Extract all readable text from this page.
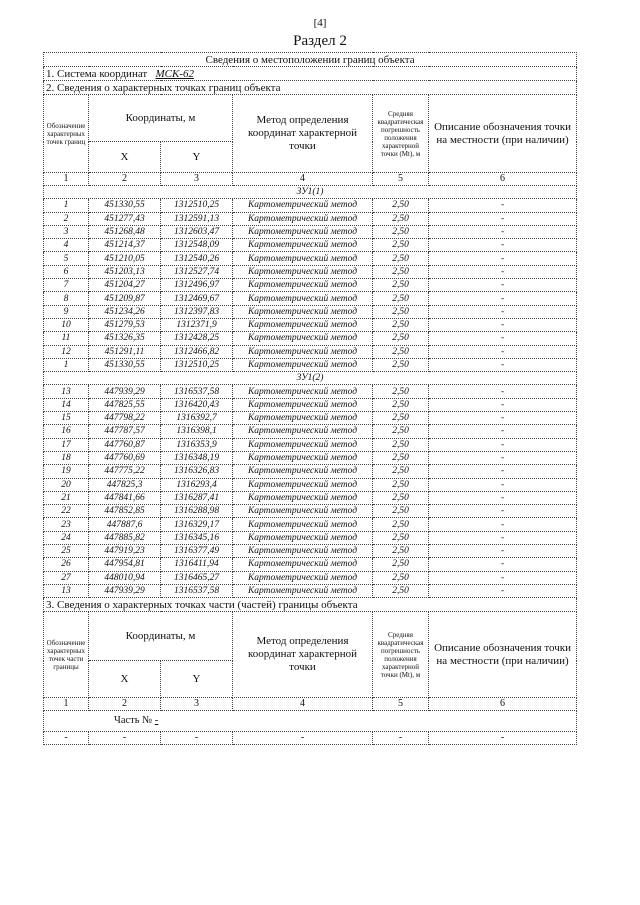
[4]
Раздел 2
Сведения о местоположении границ объекта					
1. Система координат МСК-62					
2. Сведения о характерных точках границ объекта					
Обозначение характерных точек границ	Координаты, м		Метод определения координат характерной точки	Средняя квадратическая погрешность положения характерной точки (Mt), м	Описание обозначения точки на местности (при наличии)
	X	Y			
1	2	3	4	5	6
ЗУ1(1)					
1	451330,55	1312510,25	Картометрический метод	2,50	-
2	451277,43	1312591,13	Картометрический метод	2,50	-
3	451268,48	1312603,47	Картометрический метод	2,50	-
4	451214,37	1312548,09	Картометрический метод	2,50	-
5	451210,05	1312540,26	Картометрический метод	2,50	-
6	451203,13	1312527,74	Картометрический метод	2,50	-
7	451204,27	1312496,97	Картометрический метод	2,50	-
8	451209,87	1312469,67	Картометрический метод	2,50	-
9	451234,26	1312397,83	Картометрический метод	2,50	-
10	451279,53	1312371,9	Картометрический метод	2,50	-
11	451326,35	1312428,25	Картометрический метод	2,50	-
12	451291,11	1312466,82	Картометрический метод	2,50	-
1	451330,55	1312510,25	Картометрический метод	2,50	-
ЗУ1(2)					
13	447939,29	1316537,58	Картометрический метод	2,50	-
14	447825,55	1316420,43	Картометрический метод	2,50	-
15	447798,22	1316392,7	Картометрический метод	2,50	-
16	447787,57	1316398,1	Картометрический метод	2,50	-
17	447760,87	1316353,9	Картометрический метод	2,50	-
18	447760,69	1316348,19	Картометрический метод	2,50	-
19	447775,22	1316326,83	Картометрический метод	2,50	-
20	447825,3	1316293,4	Картометрический метод	2,50	-
21	447841,66	1316287,41	Картометрический метод	2,50	-
22	447852,85	1316288,98	Картометрический метод	2,50	-
23	447887,6	1316329,17	Картометрический метод	2,50	-
24	447885,82	1316345,16	Картометрический метод	2,50	-
25	447919,23	1316377,49	Картометрический метод	2,50	-
26	447954,81	1316411,94	Картометрический метод	2,50	-
27	448010,94	1316465,27	Картометрический метод	2,50	-
13	447939,29	1316537,58	Картометрический метод	2,50	-
3. Сведения о характерных точках части (частей) границы объекта					
Обозначение характерных точек части границы	Координаты, м		Метод определения координат характерной точки	Средняя квадратическая погрешность положения характерной точки (Mt), м	Описание обозначения точки на местности (при наличии)
	X	Y			
1	2	3	4	5	6
Часть № -					
-	-	-	-	-	-
